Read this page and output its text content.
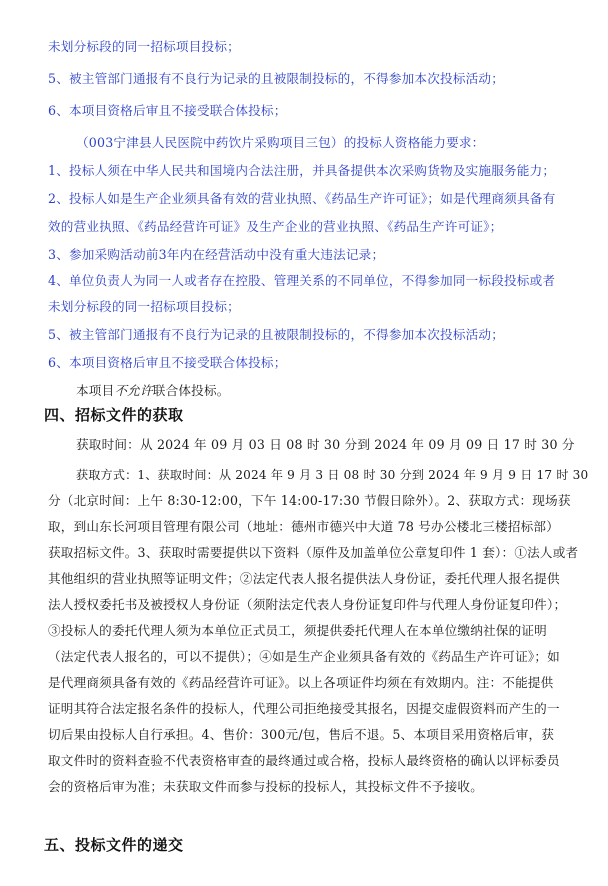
未划分标段的同一招标项目投标；
5、被主管部门通报有不良行为记录的且被限制投标的，不得参加本次投标活动；
6、本项目资格后审且不接受联合体投标；
（003宁津县人民医院中药饮片采购项目三包）的投标人资格能力要求：
1、投标人须在中华人民共和国境内合法注册，并具备提供本次采购货物及实施服务能力；
2、投标人如是生产企业须具备有效的营业执照、《药品生产许可证》；如是代理商须具备有
效的营业执照、《药品经营许可证》及生产企业的营业执照、《药品生产许可证》；
3、参加采购活动前3年内在经营活动中没有重大违法记录；
4、单位负责人为同一人或者存在控股、管理关系的不同单位，不得参加同一标段投标或者
未划分标段的同一招标项目投标；
5、被主管部门通报有不良行为记录的且被限制投标的，不得参加本次投标活动；
6、本项目资格后审且不接受联合体投标；
本项目不允许联合体投标。
四、招标文件的获取
获取时间：从 2024 年 09 月 03 日 08 时 30 分到 2024 年 09 月 09 日 17 时 30 分
获取方式：1、获取时间：从 2024 年 9 月 3 日 08 时 30 分到 2024 年 9 月 9 日 17 时 30
分（北京时间：上午 8:30-12:00，下午 14:00-17:30 节假日除外）。2、获取方式：现场获
取，到山东长河项目管理有限公司（地址：德州市德兴中大道 78 号办公楼北三楼招标部）
获取招标文件。3、获取时需要提供以下资料（原件及加盖单位公章复印件 1 套）：①法人或者
其他组织的营业执照等证明文件；②法定代表人报名提供法人身份证，委托代理人报名提供
法人授权委托书及被授权人身份证（须附法定代表人身份证复印件与代理人身份证复印件）；
③投标人的委托代理人须为本单位正式员工，须提供委托代理人在本单位缴纳社保的证明
（法定代表人报名的，可以不提供）；④如是生产企业须具备有效的《药品生产许可证》；如
是代理商须具备有效的《药品经营许可证》。以上各项证件均须在有效期内。注：不能提供
证明其符合法定报名条件的投标人，代理公司拒绝接受其报名，因提交虚假资料而产生的一
切后果由投标人自行承担。4、售价：300元/包，售后不退。5、本项目采用资格后审，获
取文件时的资料查验不代表资格审查的最终通过或合格，投标人最终资格的确认以评标委员
会的资格后审为准；未获取文件而参与投标的投标人，其投标文件不予接收。
五、投标文件的递交
